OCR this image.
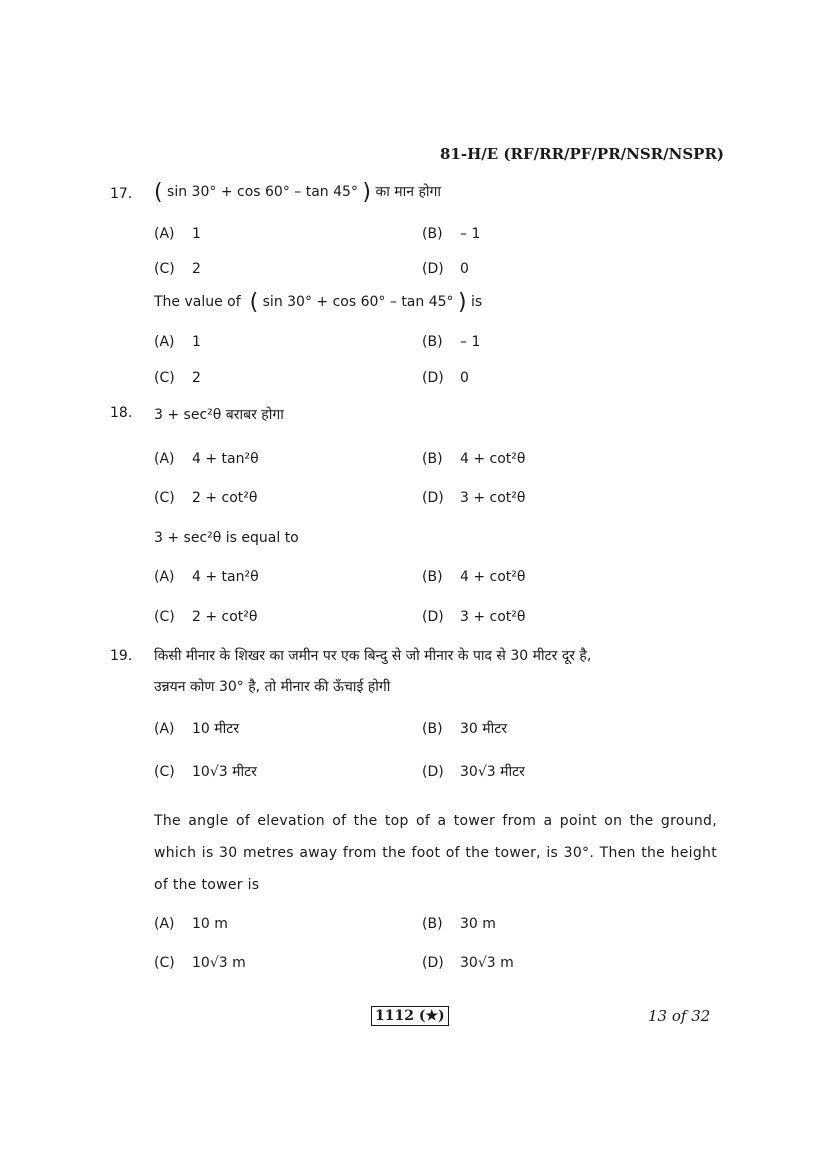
81-H/E (RF/RR/PF/PR/NSR/NSPR)
17. ( sin 30° + cos 60° – tan 45° ) का मान होगा
(A) 1	(B) – 1
(C) 2	(D) 0
The value of ( sin 30° + cos 60° – tan 45° ) is
(A) 1	(B) – 1
(C) 2	(D) 0
18. 3 + sec²θ बराबर होगा
(A) 4 + tan²θ	(B) 4 + cot²θ
(C) 2 + cot²θ	(D) 3 + cot²θ
3 + sec²θ is equal to
(A) 4 + tan²θ	(B) 4 + cot²θ
(C) 2 + cot²θ	(D) 3 + cot²θ
19. किसी मीनार के शिखर का जमीन पर एक बिन्दु से जो मीनार के पाद से 30 मीटर दूर है,
उन्नयन कोण 30° है, तो मीनार की ऊँचाई होगी
(A) 10 मीटर	(B) 30 मीटर
(C) 10√3 मीटर	(D) 30√3 मीटर
The angle of elevation of the top of a tower from a point on the ground, which is 30 metres away from the foot of the tower, is 30°. Then the height of the tower is
(A) 10 m	(B) 30 m
(C) 10√3 m	(D) 30√3 m
1112 (★)	13 of 32
